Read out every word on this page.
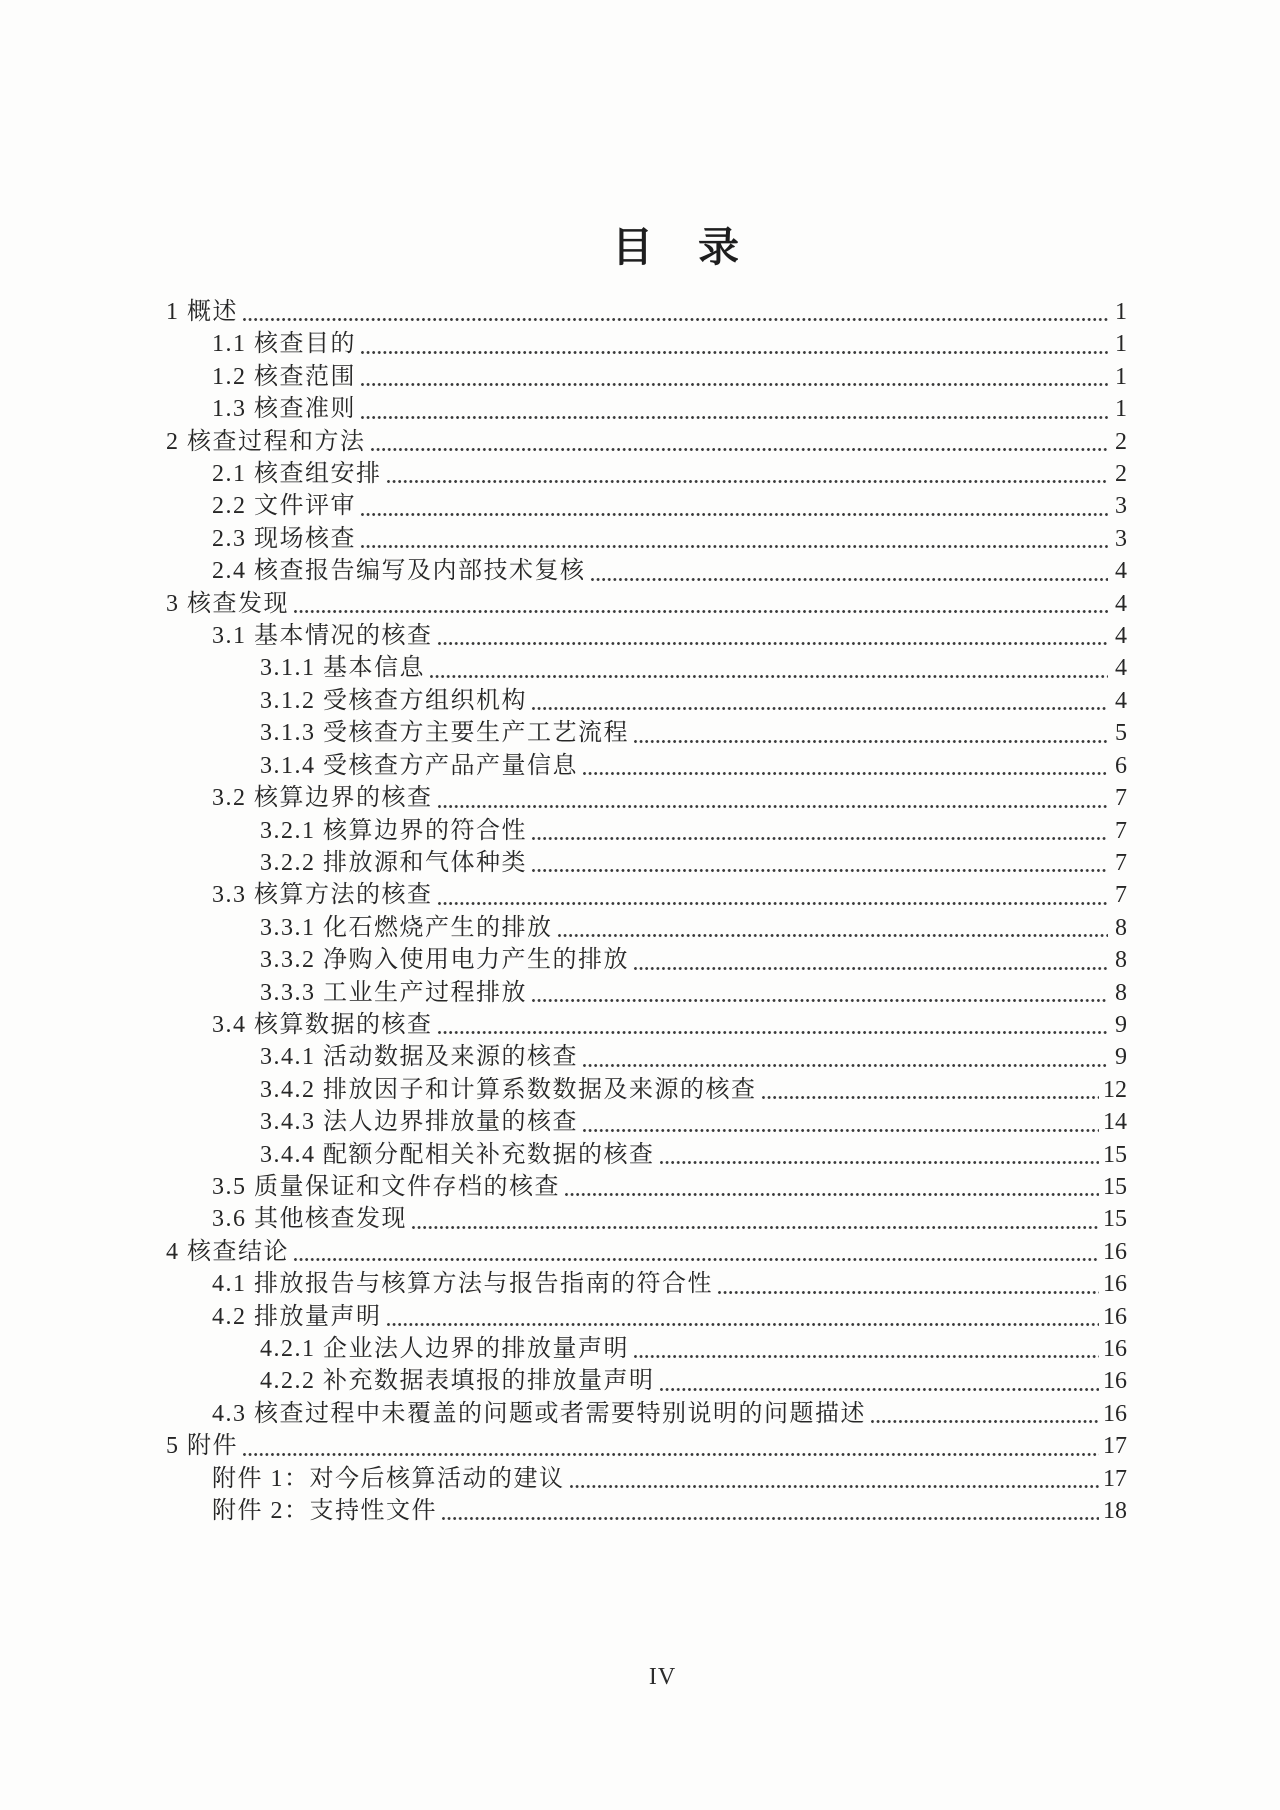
目　录
1 概述	1
1.1 核查目的	1
1.2 核查范围	1
1.3 核查准则	1
2 核查过程和方法	2
2.1 核查组安排	2
2.2 文件评审	3
2.3 现场核查	3
2.4 核查报告编写及内部技术复核	4
3 核查发现	4
3.1 基本情况的核查	4
3.1.1 基本信息	4
3.1.2 受核查方组织机构	4
3.1.3 受核查方主要生产工艺流程	5
3.1.4 受核查方产品产量信息	6
3.2 核算边界的核查	7
3.2.1 核算边界的符合性	7
3.2.2 排放源和气体种类	7
3.3 核算方法的核查	7
3.3.1 化石燃烧产生的排放	8
3.3.2 净购入使用电力产生的排放	8
3.3.3 工业生产过程排放	8
3.4 核算数据的核查	9
3.4.1 活动数据及来源的核查	9
3.4.2 排放因子和计算系数数据及来源的核查	12
3.4.3 法人边界排放量的核查	14
3.4.4 配额分配相关补充数据的核查	15
3.5 质量保证和文件存档的核查	15
3.6 其他核查发现	15
4 核查结论	16
4.1 排放报告与核算方法与报告指南的符合性	16
4.2 排放量声明	16
4.2.1 企业法人边界的排放量声明	16
4.2.2 补充数据表填报的排放量声明	16
4.3 核查过程中未覆盖的问题或者需要特别说明的问题描述	16
5 附件	17
附件 1：对今后核算活动的建议	17
附件 2：支持性文件	18
IV
